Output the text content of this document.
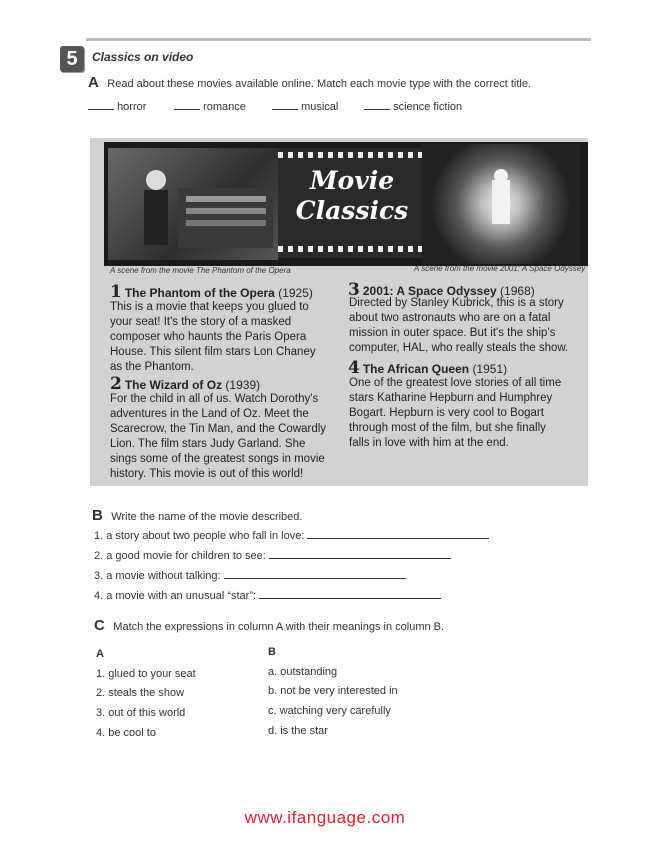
5	Classics on video
A Read about these movies available online. Match each movie type with the correct title.
horror	romance	musical	science fiction
Movie
Classics
A scene from the movie The Phantom of the Opera	A scene from the movie 2001: A Space Odyssey
1 The Phantom of the Opera (1925)
This is a movie that keeps you glued to
your seat! It's the story of a masked
composer who haunts the Paris Opera
House. This silent film stars Lon Chaney
as the Phantom.
2 The Wizard of Oz (1939)
For the child in all of us. Watch Dorothy's
adventures in the Land of Oz. Meet the
Scarecrow, the Tin Man, and the Cowardly
Lion. The film stars Judy Garland. She
sings some of the greatest songs in movie
history. This movie is out of this world!
3 2001: A Space Odyssey (1968)
Directed by Stanley Kubrick, this is a story
about two astronauts who are on a fatal
mission in outer space. But it's the ship's
computer, HAL, who really steals the show.
4 The African Queen (1951)
One of the greatest love stories of all time
stars Katharine Hepburn and Humphrey
Bogart. Hepburn is very cool to Bogart
through most of the film, but she finally
falls in love with him at the end.
B Write the name of the movie described.
1. a story about two people who fall in love:
2. a good movie for children to see:
3. a movie without talking:
4. a movie with an unusual “star”:
C Match the expressions in column A with their meanings in column B.
A	B
1. glued to your seat
2. steals the show
3. out of this world
4. be cool to
a. outstanding
b. not be very interested in
c. watching very carefully
d. is the star
www.ifanguage.com
